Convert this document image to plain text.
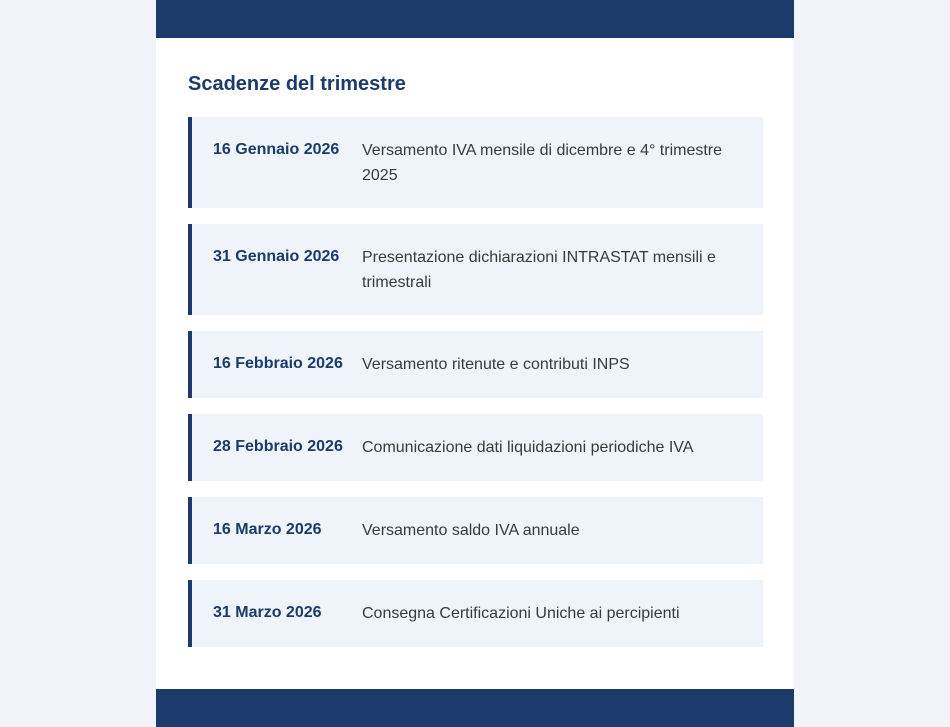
Scadenze del trimestre
16 Gennaio 2026 Versamento IVA mensile di dicembre e 4° trimestre 2025
31 Gennaio 2026 Presentazione dichiarazioni INTRASTAT mensili e trimestrali
16 Febbraio 2026 Versamento ritenute e contributi INPS
28 Febbraio 2026 Comunicazione dati liquidazioni periodiche IVA
16 Marzo 2026	Versamento saldo IVA annuale
31 Marzo 2026	Consegna Certificazioni Uniche ai percipienti
